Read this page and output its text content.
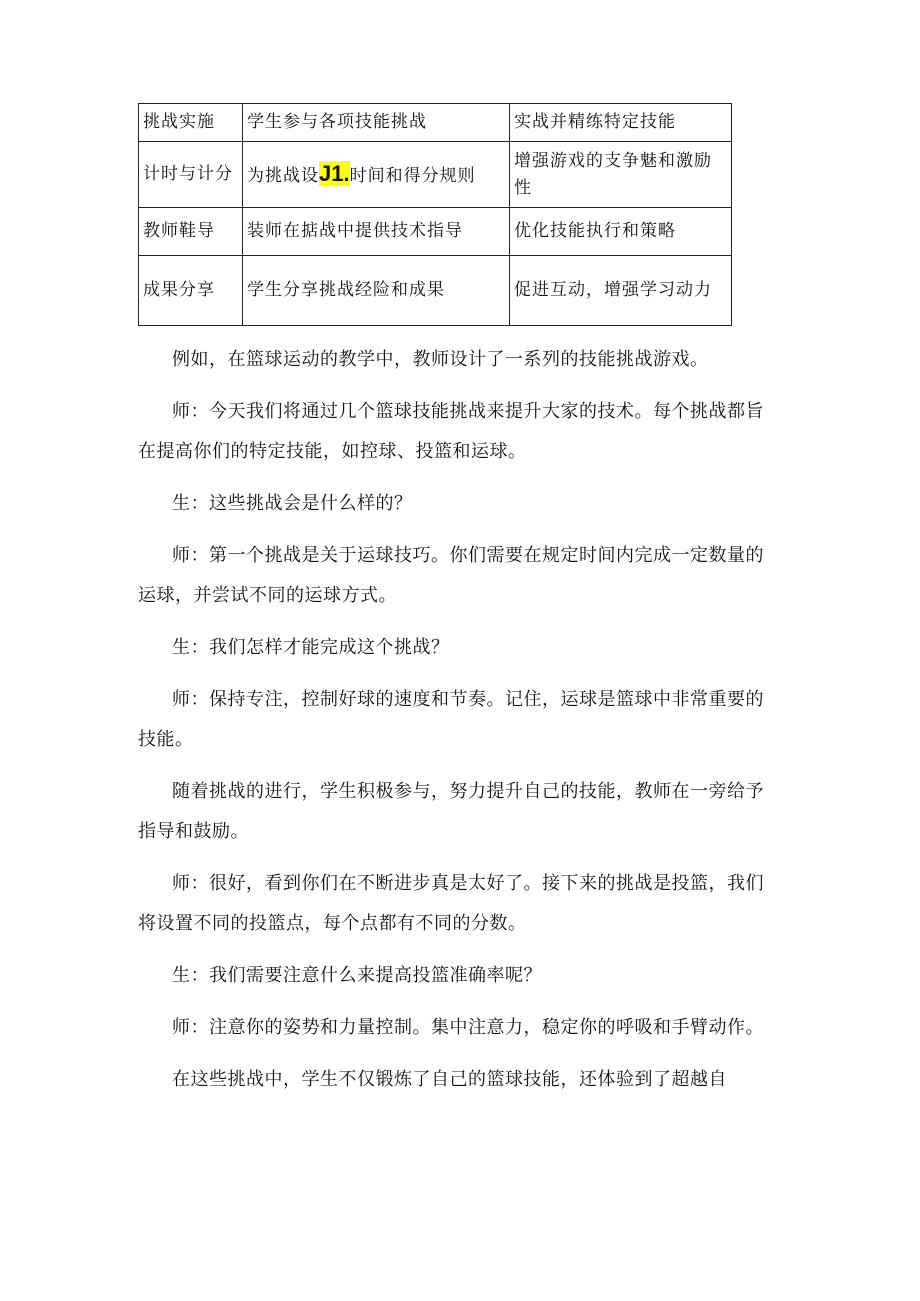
挑战实施	学生参与各项技能挑战	实战并精练特定技能
计时与计分	为挑战设J1.时间和得分规则	增强游戏的支争魅和激励性
教师鞋导	装师在掂战中提供技术指导	优化技能执行和策略
成果分享	学生分享挑战经险和成果	促进互动，增强学习动力

例如，在篮球运动的教学中，教师设计了一系列的技能挑战游戏。

师：今天我们将通过几个篮球技能挑战来提升大家的技术。每个挑战都旨在提高你们的特定技能，如控球、投篮和运球。

生：这些挑战会是什么样的？

师：第一个挑战是关于运球技巧。你们需要在规定时间内完成一定数量的运球，并尝试不同的运球方式。

生：我们怎样才能完成这个挑战？

师：保持专注，控制好球的速度和节奏。记住，运球是篮球中非常重要的技能。

随着挑战的进行，学生积极参与，努力提升自己的技能，教师在一旁给予指导和鼓励。

师：很好，看到你们在不断进步真是太好了。接下来的挑战是投篮，我们将设置不同的投篮点，每个点都有不同的分数。

生：我们需要注意什么来提高投篮准确率呢？

师：注意你的姿势和力量控制。集中注意力，稳定你的呼吸和手臂动作。

在这些挑战中，学生不仅锻炼了自己的篮球技能，还体验到了超越自
